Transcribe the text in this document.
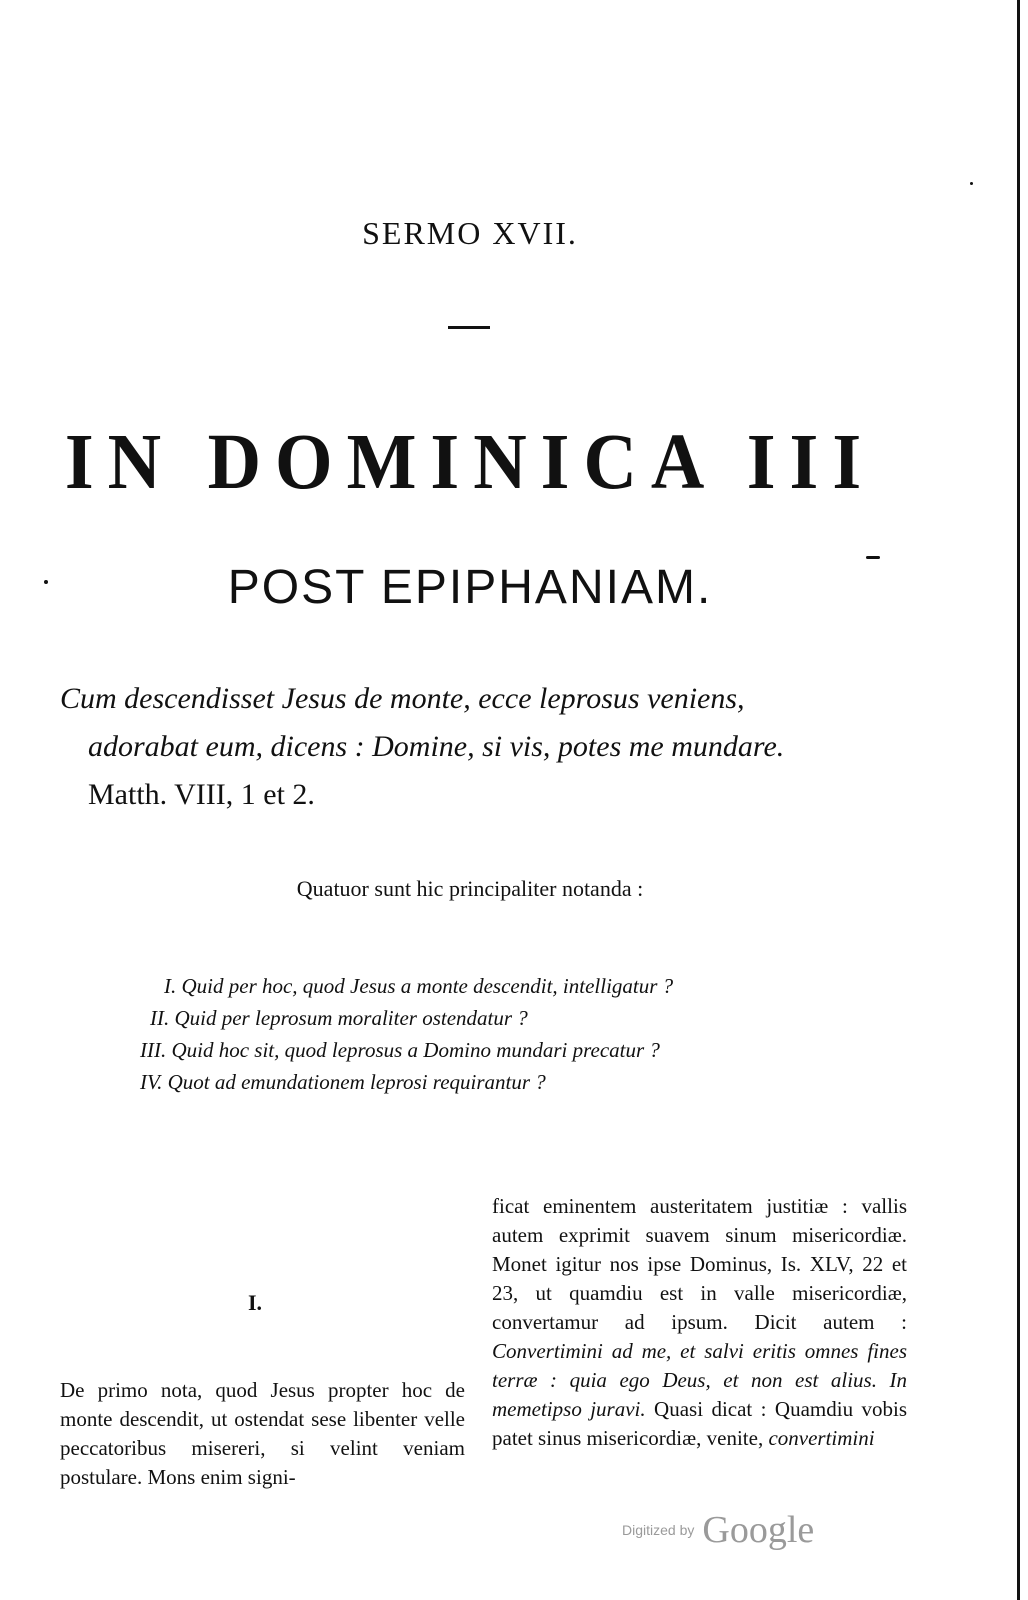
SERMO XVII.
IN DOMINICA III
POST EPIPHANIAM.
Cum descendisset Jesus de monte, ecce leprosus veniens,
adorabat eum, dicens : Domine, si vis, potes me mundare.
Matth. VIII, 1 et 2.
Quatuor sunt hic principaliter notanda :
I. Quid per hoc, quod Jesus a monte descendit, intelligatur ?
II. Quid per leprosum moraliter ostendatur ?
III. Quid hoc sit, quod leprosus a Domino mundari precatur ?
IV. Quot ad emundationem leprosi requirantur ?
I.
De primo nota, quod Jesus propter hoc de monte descendit, ut ostendat sese libenter velle peccatoribus misereri, si velint veniam postulare. Mons enim signi-
ficat eminentem austeritatem justitiæ : vallis autem exprimit suavem sinum misericordiæ. Monet igitur nos ipse Dominus, Is. XLV, 22 et 23, ut quamdiu est in valle misericordiæ, convertamur ad ipsum. Dicit autem : Convertimini ad me, et salvi eritis omnes fines terræ : quia ego Deus, et non est alius. In memetipso juravi. Quasi dicat : Quamdiu vobis patet sinus misericordiæ, venite, convertimini
Digitized by Google
